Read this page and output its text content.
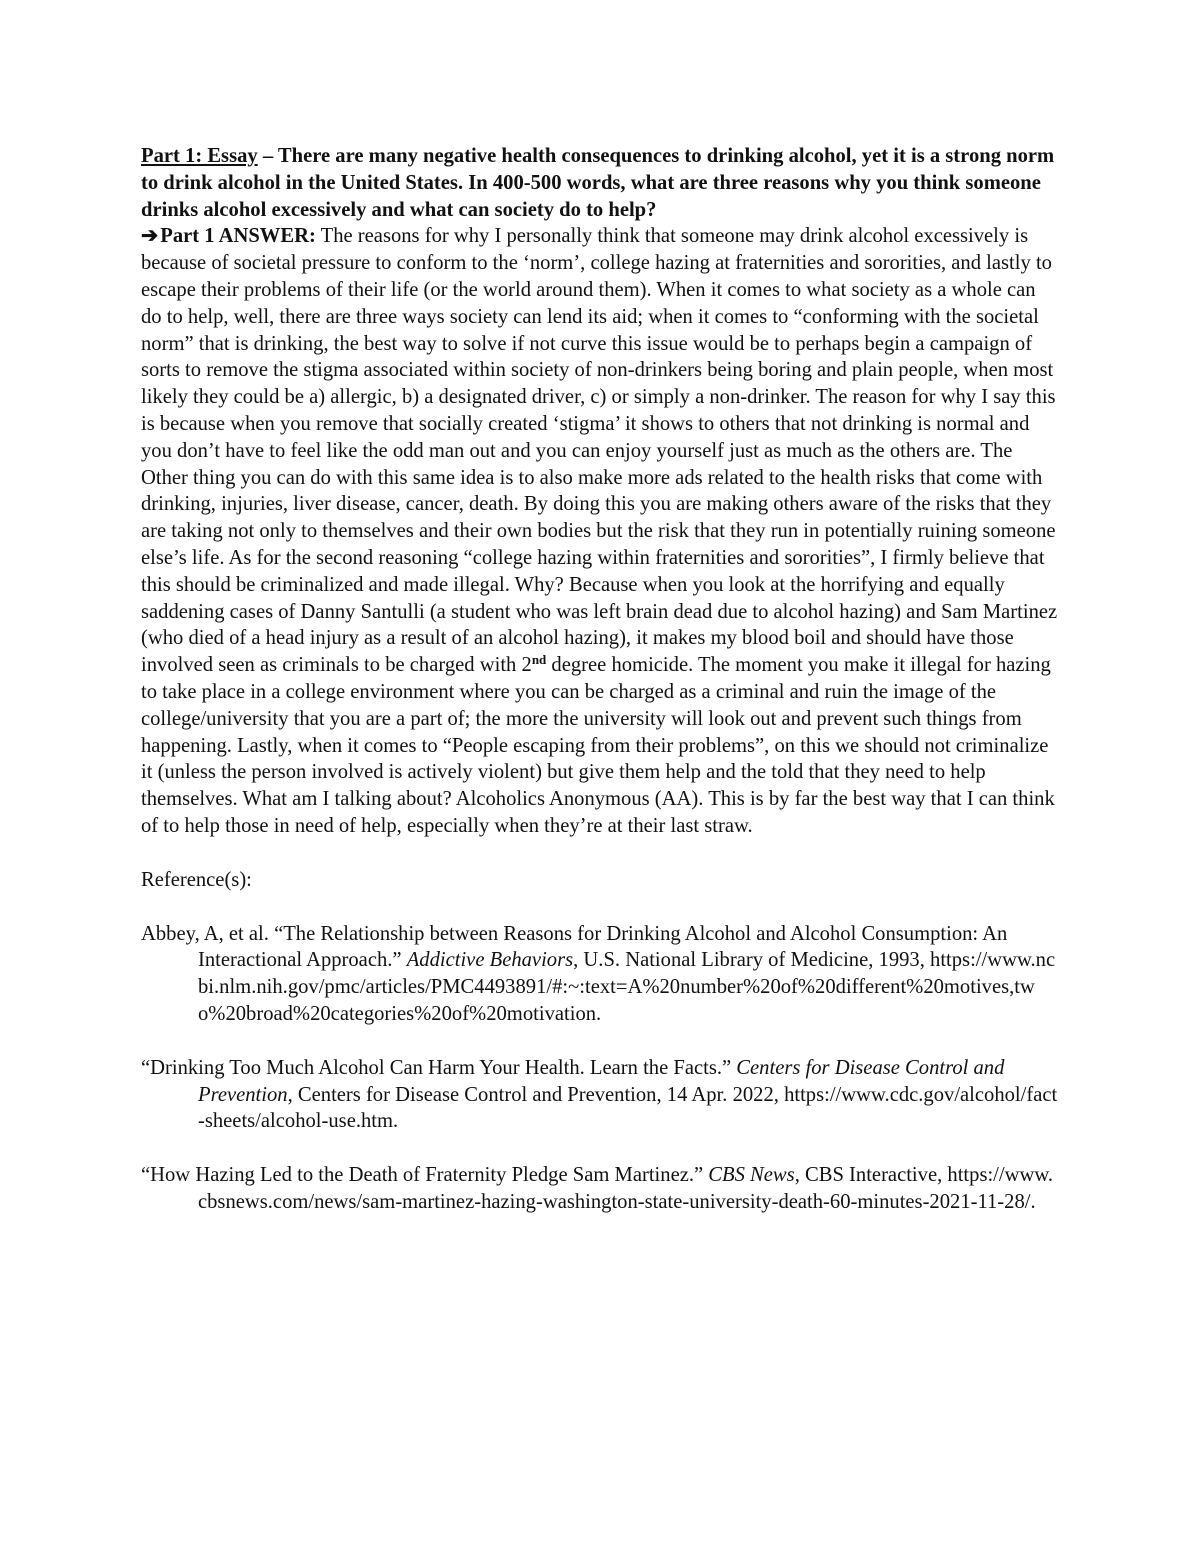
Part 1: Essay – There are many negative health consequences to drinking alcohol, yet it is a strong norm to drink alcohol in the United States. In 400-500 words, what are three reasons why you think someone drinks alcohol excessively and what can society do to help?

➔Part 1 ANSWER: The reasons for why I personally think that someone may drink alcohol excessively is because of societal pressure to conform to the ‘norm’, college hazing at fraternities and sororities, and lastly to escape their problems of their life (or the world around them). When it comes to what society as a whole can do to help, well, there are three ways society can lend its aid; when it comes to “conforming with the societal norm” that is drinking, the best way to solve if not curve this issue would be to perhaps begin a campaign of sorts to remove the stigma associated within society of non-drinkers being boring and plain people, when most likely they could be a) allergic, b) a designated driver, c) or simply a non-drinker. The reason for why I say this is because when you remove that socially created ‘stigma’ it shows to others that not drinking is normal and you don’t have to feel like the odd man out and you can enjoy yourself just as much as the others are. The Other thing you can do with this same idea is to also make more ads related to the health risks that come with drinking, injuries, liver disease, cancer, death. By doing this you are making others aware of the risks that they are taking not only to themselves and their own bodies but the risk that they run in potentially ruining someone else’s life. As for the second reasoning “college hazing within fraternities and sororities”, I firmly believe that this should be criminalized and made illegal. Why? Because when you look at the horrifying and equally saddening cases of Danny Santulli (a student who was left brain dead due to alcohol hazing) and Sam Martinez (who died of a head injury as a result of an alcohol hazing), it makes my blood boil and should have those involved seen as criminals to be charged with 2nd degree homicide. The moment you make it illegal for hazing to take place in a college environment where you can be charged as a criminal and ruin the image of the college/university that you are a part of; the more the university will look out and prevent such things from happening. Lastly, when it comes to “People escaping from their problems”, on this we should not criminalize it (unless the person involved is actively violent) but give them help and the told that they need to help themselves. What am I talking about? Alcoholics Anonymous (AA). This is by far the best way that I can think of to help those in need of help, especially when they’re at their last straw.

Reference(s):

Abbey, A, et al. “The Relationship between Reasons for Drinking Alcohol and Alcohol Consumption: An Interactional Approach.” Addictive Behaviors, U.S. National Library of Medicine, 1993, https://www.ncbi.nlm.nih.gov/pmc/articles/PMC4493891/#:~:text=A%20number%20of%20different%20motives,two%20broad%20categories%20of%20motivation.

“Drinking Too Much Alcohol Can Harm Your Health. Learn the Facts.” Centers for Disease Control and Prevention, Centers for Disease Control and Prevention, 14 Apr. 2022, https://www.cdc.gov/alcohol/fact-sheets/alcohol-use.htm.

“How Hazing Led to the Death of Fraternity Pledge Sam Martinez.” CBS News, CBS Interactive, https://www.cbsnews.com/news/sam-martinez-hazing-washington-state-university-death-60-minutes-2021-11-28/.
